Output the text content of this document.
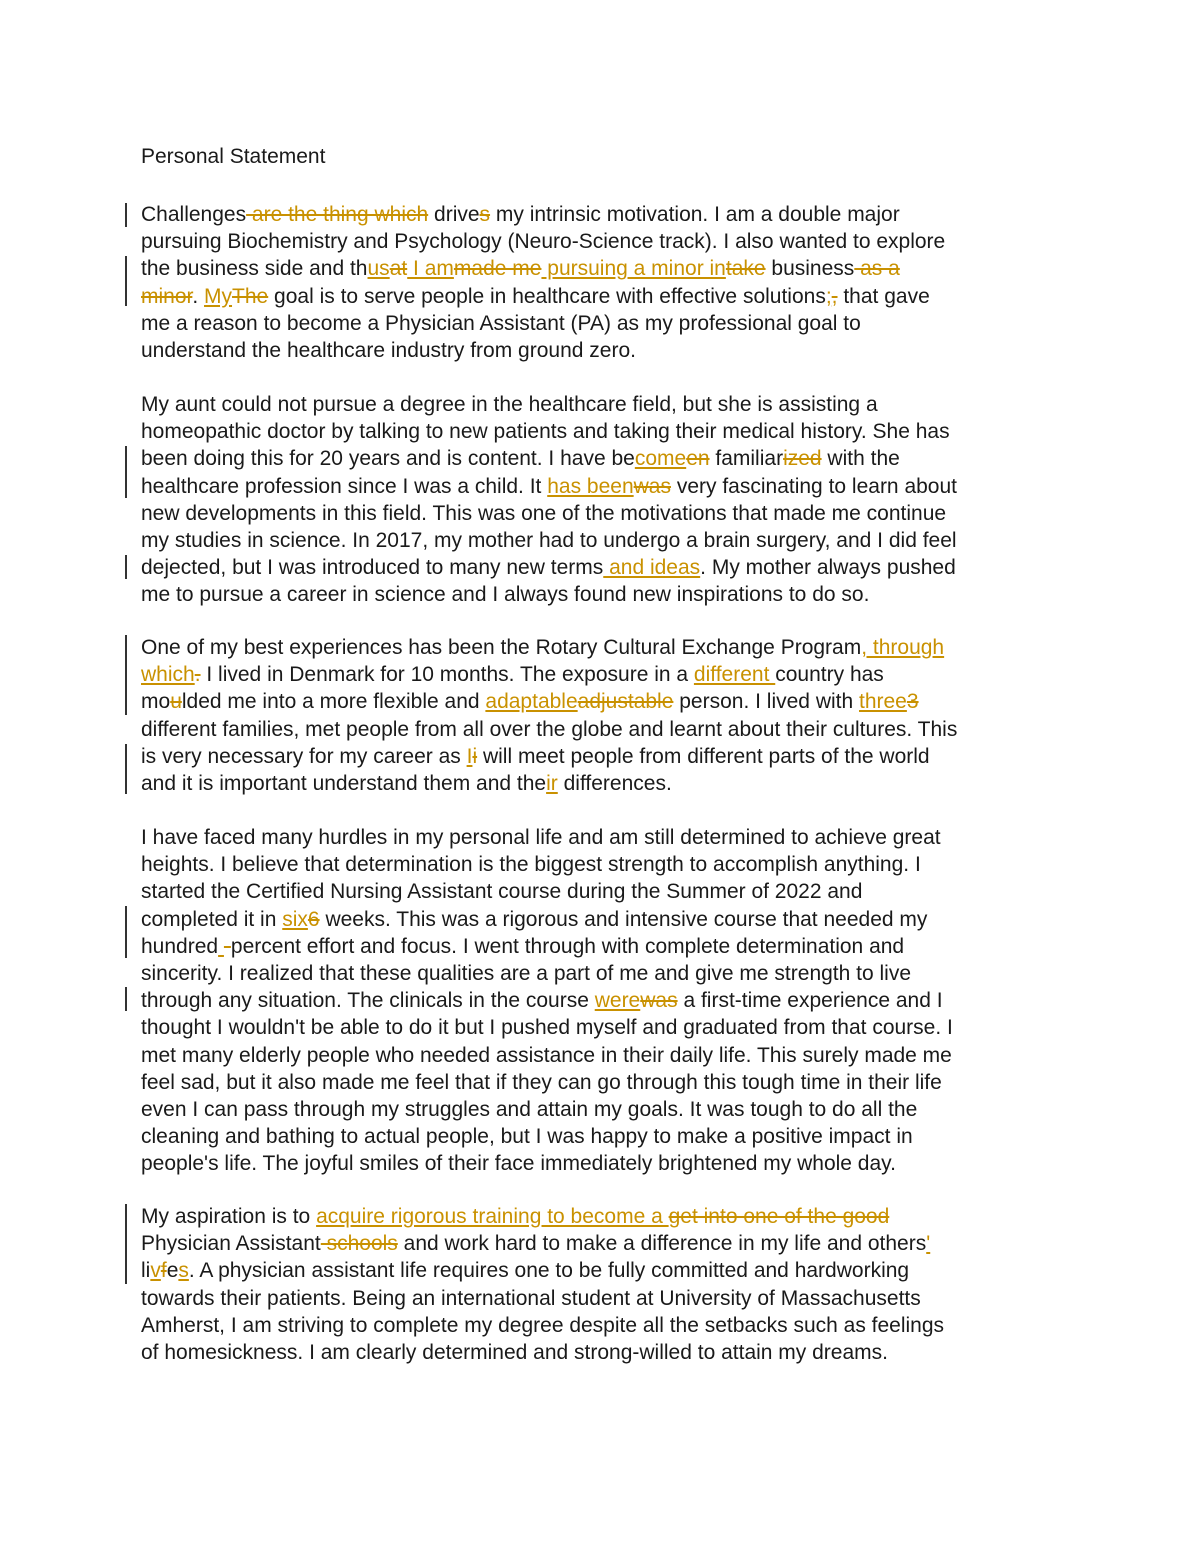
Personal Statement
Challenges are the thing which drives my intrinsic motivation. I am a double major
pursuing Biochemistry and Psychology (Neuro-Science track). I also wanted to explore
the business side and thusat I ammade me pursuing a minor intake business as a
minor. MyThe goal is to serve people in healthcare with effective solutions;, that gave
me a reason to become a Physician Assistant (PA) as my professional goal to
understand the healthcare industry from ground zero.
My aunt could not pursue a degree in the healthcare field, but she is assisting a
homeopathic doctor by talking to new patients and taking their medical history. She has
been doing this for 20 years and is content. I have becomeen familiarized with the
healthcare profession since I was a child. It has beenwas very fascinating to learn about
new developments in this field. This was one of the motivations that made me continue
my studies in science. In 2017, my mother had to undergo a brain surgery, and I did feel
dejected, but I was introduced to many new terms and ideas. My mother always pushed
me to pursue a career in science and I always found new inspirations to do so.
One of my best experiences has been the Rotary Cultural Exchange Program, through
which. I lived in Denmark for 10 months. The exposure in a different country has
moulded me into a more flexible and adaptableadjustable person. I lived with three3
different families, met people from all over the globe and learnt about their cultures. This
is very necessary for my career as Ii will meet people from different parts of the world
and it is important understand them and their differences.
I have faced many hurdles in my personal life and am still determined to achieve great
heights. I believe that determination is the biggest strength to accomplish anything. I
started the Certified Nursing Assistant course during the Summer of 2022 and
completed it in six6 weeks. This was a rigorous and intensive course that needed my
hundred -percent effort and focus. I went through with complete determination and
sincerity. I realized that these qualities are a part of me and give me strength to live
through any situation. The clinicals in the course werewas a first-time experience and I
thought I wouldn't be able to do it but I pushed myself and graduated from that course. I
met many elderly people who needed assistance in their daily life. This surely made me
feel sad, but it also made me feel that if they can go through this tough time in their life
even I can pass through my struggles and attain my goals. It was tough to do all the
cleaning and bathing to actual people, but I was happy to make a positive impact in
people's life. The joyful smiles of their face immediately brightened my whole day.
My aspiration is to acquire rigorous training to become a get into one of the good
Physician Assistant schools and work hard to make a difference in my life and others'
livfes. A physician assistant life requires one to be fully committed and hardworking
towards their patients. Being an international student at University of Massachusetts
Amherst, I am striving to complete my degree despite all the setbacks such as feelings
of homesickness. I am clearly determined and strong-willed to attain my dreams.
